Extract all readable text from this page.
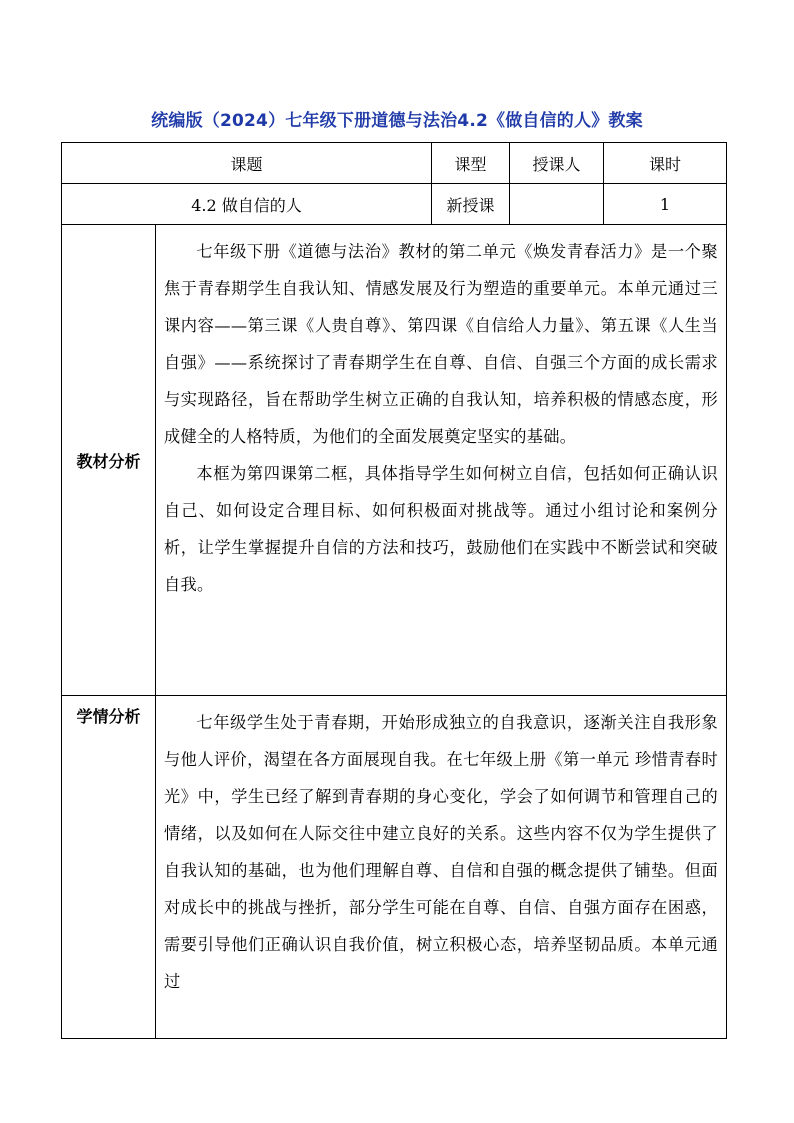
统编版（2024）七年级下册道德与法治4.2《做自信的人》教案
课题		课型	授课人	课时
4.2 做自信的人		新授课		1
教材分析	七年级下册《道德与法治》教材的第二单元《焕发青春活力》是一个聚焦于青春期学生自我认知、情感发展及行为塑造的重要单元。本单元通过三课内容——第三课《人贵自尊》、第四课《自信给人力量》、第五课《人生当自强》——系统探讨了青春期学生在自尊、自信、自强三个方面的成长需求与实现路径，旨在帮助学生树立正确的自我认知，培养积极的情感态度，形成健全的人格特质，为他们的全面发展奠定坚实的基础。

本框为第四课第二框，具体指导学生如何树立自信，包括如何正确认识自己、如何设定合理目标、如何积极面对挑战等。通过小组讨论和案例分析，让学生掌握提升自信的方法和技巧，鼓励他们在实践中不断尝试和突破自我。			

学情分析	七年级学生处于青春期，开始形成独立的自我意识，逐渐关注自我形象与他人评价，渴望在各方面展现自我。在七年级上册《第一单元 珍惜青春时光》中，学生已经了解到青春期的身心变化，学会了如何调节和管理自己的情绪，以及如何在人际交往中建立良好的关系。这些内容不仅为学生提供了自我认知的基础，也为他们理解自尊、自信和自强的概念提供了铺垫。但面对成长中的挑战与挫折，部分学生可能在自尊、自信、自强方面存在困惑，需要引导他们正确认识自我价值，树立积极心态，培养坚韧品质。本单元通过			
